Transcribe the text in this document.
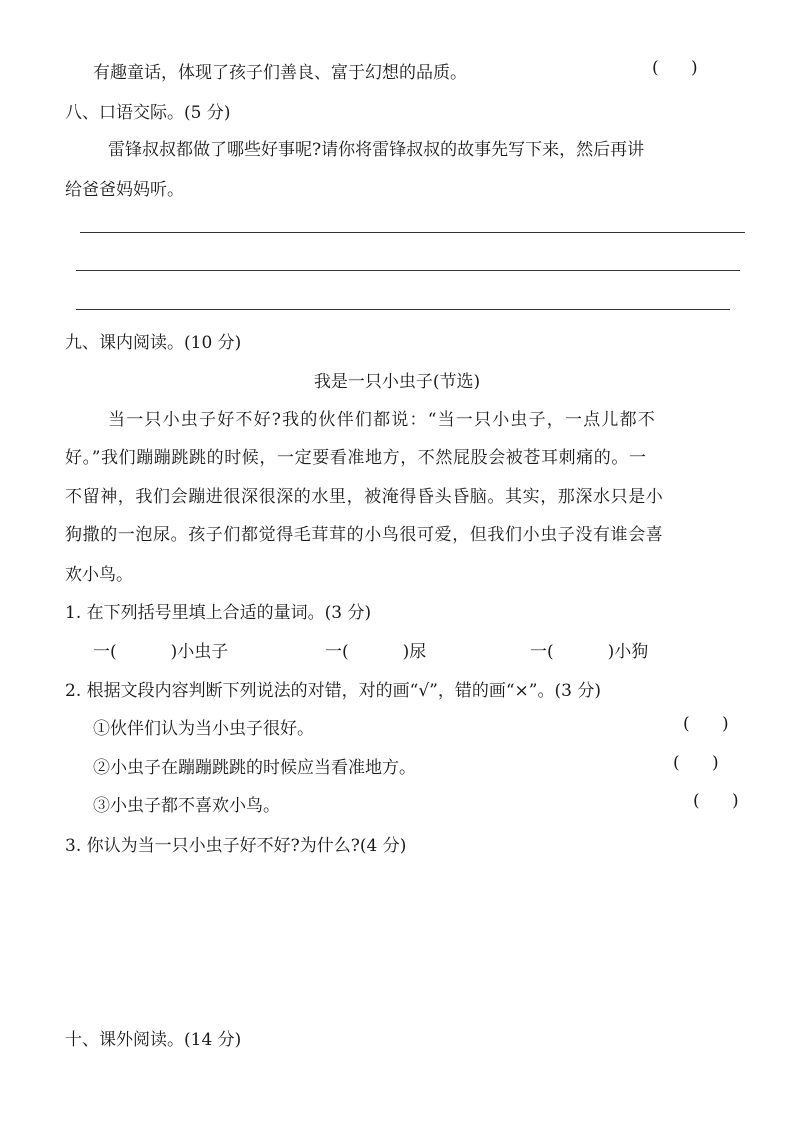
有趣童话，体现了孩子们善良、富于幻想的品质。	(      )
八、口语交际。(5 分)
雷锋叔叔都做了哪些好事呢?请你将雷锋叔叔的故事先写下来，然后再讲
给爸爸妈妈听。
九、课内阅读。(10 分)
我是一只小虫子(节选)
当一只小虫子好不好?我的伙伴们都说：“当一只小虫子，一点儿都不
好。”我们蹦蹦跳跳的时候，一定要看准地方，不然屁股会被苍耳刺痛的。一
不留神，我们会蹦进很深很深的水里，被淹得昏头昏脑。其实，那深水只是小
狗撒的一泡尿。孩子们都觉得毛茸茸的小鸟很可爱，但我们小虫子没有谁会喜
欢小鸟。
1. 在下列括号里填上合适的量词。(3 分)
一(          )小虫子	一(          )尿	一(          )小狗
2. 根据文段内容判断下列说法的对错，对的画“√”，错的画“×”。(3 分)
①伙伴们认为当小虫子很好。	(      )
②小虫子在蹦蹦跳跳的时候应当看准地方。	(      )
③小虫子都不喜欢小鸟。	(      )
3. 你认为当一只小虫子好不好?为什么?(4 分)
十、课外阅读。(14 分)
